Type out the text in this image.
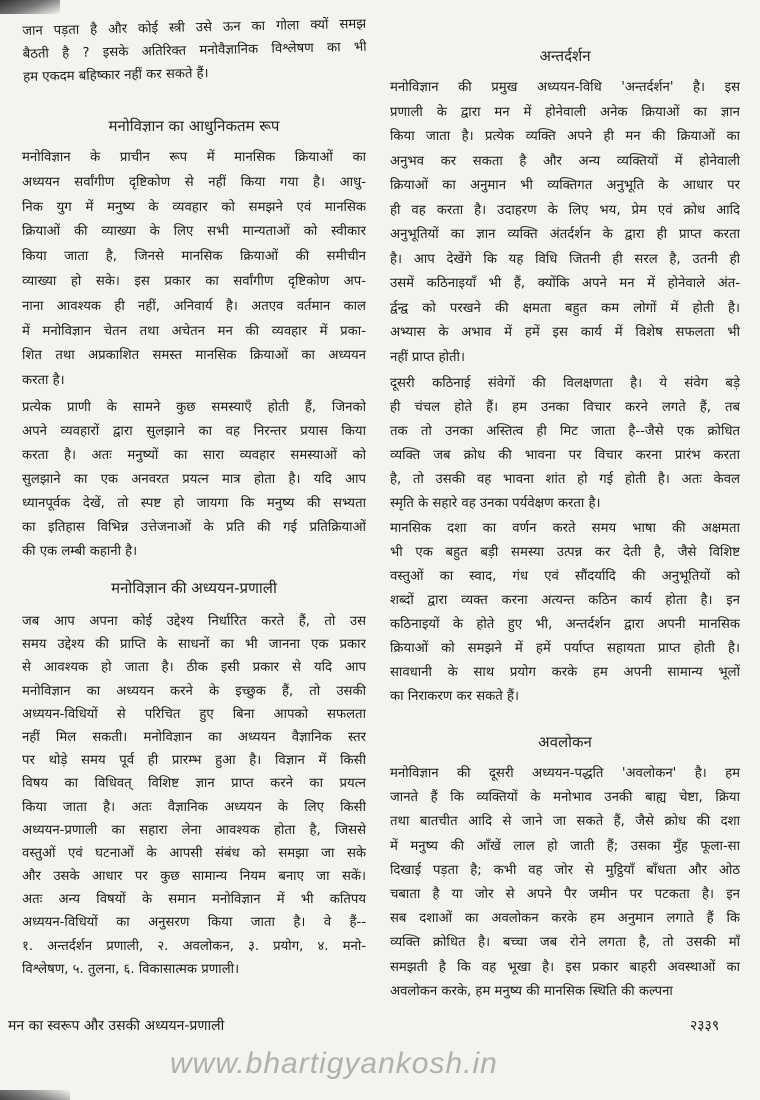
जान पड़ता है और कोई स्त्री उसे ऊन का गोला क्यों समझ
बैठती है ? इसके अतिरिक्त मनोवैज्ञानिक विश्लेषण का भी
हम एकदम बहिष्कार नहीं कर सकते हैं।
मनोविज्ञान का आधुनिकतम रूप
मनोविज्ञान के प्राचीन रूप में मानसिक क्रियाओं का
अध्ययन सर्वांगीण दृष्टिकोण से नहीं किया गया है। आधु-
निक युग में मनुष्य के व्यवहार को समझने एवं मानसिक
क्रियाओं की व्याख्या के लिए सभी मान्यताओं को स्वीकार
किया जाता है, जिनसे मानसिक क्रियाओं की समीचीन
व्याख्या हो सके। इस प्रकार का सर्वांगीण दृष्टिकोण अप-
नाना आवश्यक ही नहीं, अनिवार्य है। अतएव वर्तमान काल
में मनोविज्ञान चेतन तथा अचेतन मन की व्यवहार में प्रका-
शित तथा अप्रकाशित समस्त मानसिक क्रियाओं का अध्ययन
करता है।
प्रत्येक प्राणी के सामने कुछ समस्याएँ होती हैं, जिनको
अपने व्यवहारों द्वारा सुलझाने का वह निरन्तर प्रयास किया
करता है। अतः मनुष्यों का सारा व्यवहार समस्याओं को
सुलझाने का एक अनवरत प्रयत्न मात्र होता है। यदि आप
ध्यानपूर्वक देखें, तो स्पष्ट हो जायगा कि मनुष्य की सभ्यता
का इतिहास विभिन्न उत्तेजनाओं के प्रति की गई प्रतिक्रियाओं
की एक लम्बी कहानी है।
मनोविज्ञान की अध्ययन-प्रणाली
जब आप अपना कोई उद्देश्य निर्धारित करते हैं, तो उस
समय उद्देश्य की प्राप्ति के साधनों का भी जानना एक प्रकार
से आवश्यक हो जाता है। ठीक इसी प्रकार से यदि आप
मनोविज्ञान का अध्ययन करने के इच्छुक हैं, तो उसकी
अध्ययन-विधियों से परिचित हुए बिना आपको सफलता
नहीं मिल सकती। मनोविज्ञान का अध्ययन वैज्ञानिक स्तर
पर थोड़े समय पूर्व ही प्रारम्भ हुआ है। विज्ञान में किसी
विषय का विधिवत् विशिष्ट ज्ञान प्राप्त करने का प्रयत्न
किया जाता है। अतः वैज्ञानिक अध्ययन के लिए किसी
अध्ययन-प्रणाली का सहारा लेना आवश्यक होता है, जिससे
वस्तुओं एवं घटनाओं के आपसी संबंध को समझा जा सके
और उसके आधार पर कुछ सामान्य नियम बनाए जा सकें।
अतः अन्य विषयों के समान मनोविज्ञान में भी कतिपय
अध्ययन-विधियों का अनुसरण किया जाता है। वे हैं--
१. अन्तर्दर्शन प्रणाली, २. अवलोकन, ३. प्रयोग, ४. मनो-
विश्लेषण, ५. तुलना, ६. विकासात्मक प्रणाली।
अन्तर्दर्शन
मनोविज्ञान की प्रमुख अध्ययन-विधि 'अन्तर्दर्शन' है। इस
प्रणाली के द्वारा मन में होनेवाली अनेक क्रियाओं का ज्ञान
किया जाता है। प्रत्येक व्यक्ति अपने ही मन की क्रियाओं का
अनुभव कर सकता है और अन्य व्यक्तियों में होनेवाली
क्रियाओं का अनुमान भी व्यक्तिगत अनुभूति के आधार पर
ही वह करता है। उदाहरण के लिए भय, प्रेम एवं क्रोध आदि
अनुभूतियों का ज्ञान व्यक्ति अंतर्दर्शन के द्वारा ही प्राप्त करता
है। आप देखेंगे कि यह विधि जितनी ही सरल है, उतनी ही
उसमें कठिनाइयाँ भी हैं, क्योंकि अपने मन में होनेवाले अंत-
र्द्वन्द्व को परखने की क्षमता बहुत कम लोगों में होती है।
अभ्यास के अभाव में हमें इस कार्य में विशेष सफलता भी
नहीं प्राप्त होती।
दूसरी कठिनाई संवेगों की विलक्षणता है। ये संवेग बड़े
ही चंचल होते हैं। हम उनका विचार करने लगते हैं, तब
तक तो उनका अस्तित्व ही मिट जाता है--जैसे एक क्रोधित
व्यक्ति जब क्रोध की भावना पर विचार करना प्रारंभ करता
है, तो उसकी वह भावना शांत हो गई होती है। अतः केवल
स्मृति के सहारे वह उनका पर्यवेक्षण करता है।
मानसिक दशा का वर्णन करते समय भाषा की अक्षमता
भी एक बहुत बड़ी समस्या उत्पन्न कर देती है, जैसे विशिष्ट
वस्तुओं का स्वाद, गंध एवं सौंदर्यादि की अनुभूतियों को
शब्दों द्वारा व्यक्त करना अत्यन्त कठिन कार्य होता है। इन
कठिनाइयों के होते हुए भी, अन्तर्दर्शन द्वारा अपनी मानसिक
क्रियाओं को समझने में हमें पर्याप्त सहायता प्राप्त होती है।
सावधानी के साथ प्रयोग करके हम अपनी सामान्य भूलों
का निराकरण कर सकते हैं।
अवलोकन
मनोविज्ञान की दूसरी अध्ययन-पद्धति 'अवलोकन' है। हम
जानते हैं कि व्यक्तियों के मनोभाव उनकी बाह्य चेष्टा, क्रिया
तथा बातचीत आदि से जाने जा सकते हैं, जैसे क्रोध की दशा
में मनुष्य की आँखें लाल हो जाती हैं; उसका मुँह फूला-सा
दिखाई पड़ता है; कभी वह जोर से मुट्ठियाँ बाँधता और ओठ
चबाता है या जोर से अपने पैर जमीन पर पटकता है। इन
सब दशाओं का अवलोकन करके हम अनुमान लगाते हैं कि
व्यक्ति क्रोधित है। बच्चा जब रोने लगता है, तो उसकी माँ
समझती है कि वह भूखा है। इस प्रकार बाहरी अवस्थाओं का
अवलोकन करके, हम मनुष्य की मानसिक स्थिति की कल्पना
मन का स्वरूप और उसकी अध्ययन-प्रणाली
www.bhartigyankosh.in
२३३९
